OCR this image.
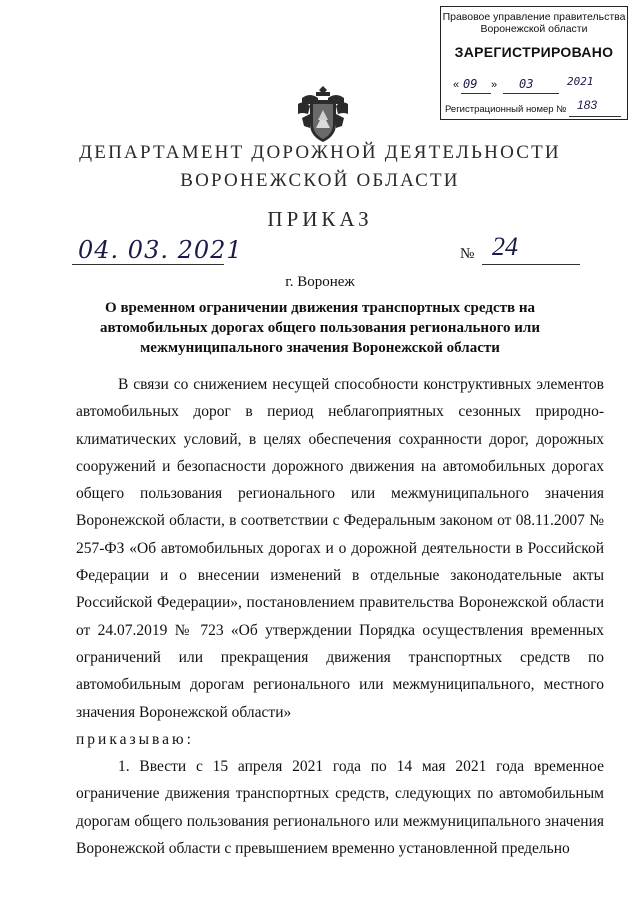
Правовое управление правительства
Воронежской области
ЗАРЕГИСТРИРОВАНО
« 09 » 03	2021
Регистрационный номер № 183
ДЕПАРТАМЕНТ ДОРОЖНОЙ ДЕЯТЕЛЬНОСТИ
ВОРОНЕЖСКОЙ ОБЛАСТИ
ПРИКАЗ
04. 03. 2021	№ 24
г. Воронеж
О временном ограничении движения транспортных средств на автомобильных дорогах общего пользования регионального или межмуниципального значения Воронежской области

В связи со снижением несущей способности конструктивных элементов автомобильных дорог в период неблагоприятных сезонных природно-климатических условий, в целях обеспечения сохранности дорог, дорожных сооружений и безопасности дорожного движения на автомобильных дорогах общего пользования регионального или межмуниципального значения Воронежской области, в соответствии с Федеральным законом от 08.11.2007 № 257-ФЗ «Об автомобильных дорогах и о дорожной деятельности в Российской Федерации и о внесении изменений в отдельные законодательные акты Российской Федерации», постановлением правительства Воронежской области от 24.07.2019 № 723 «Об утверждении Порядка осуществления временных ограничений или прекращения движения транспортных средств по автомобильным дорогам регионального или межмуниципального, местного значения Воронежской области»

приказываю:

1. Ввести с 15 апреля 2021 года по 14 мая 2021 года временное ограничение движения транспортных средств, следующих по автомобильным дорогам общего пользования регионального или межмуниципального значения Воронежской области с превышением временно установленной предельно
